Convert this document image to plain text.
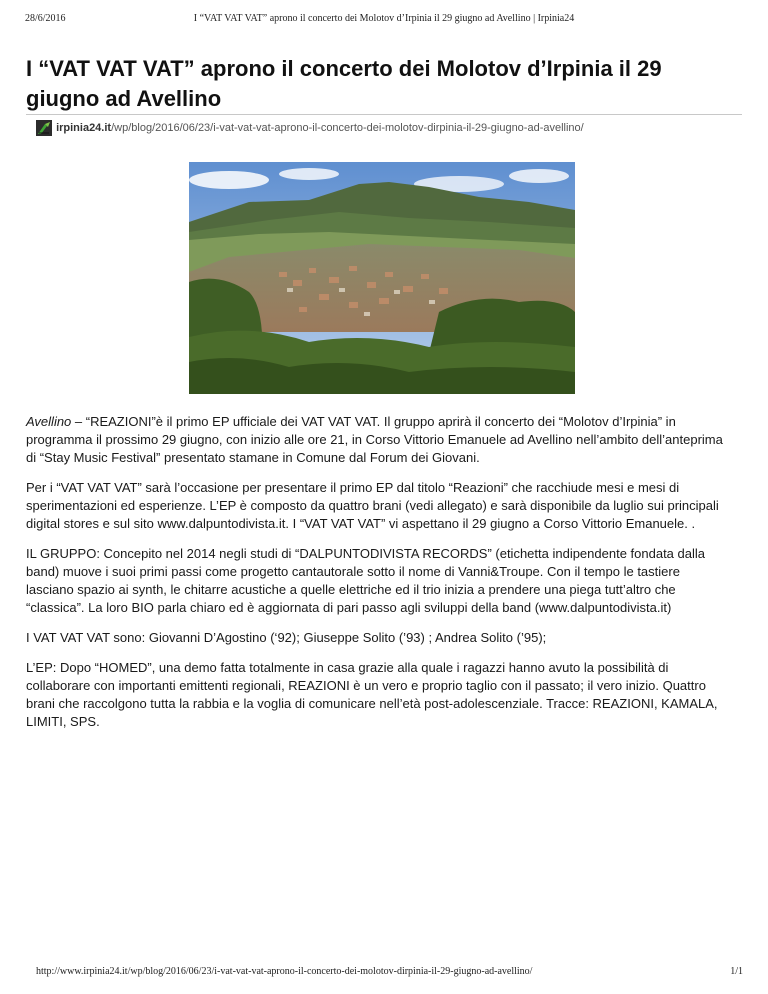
28/6/2016	I “VAT VAT VAT” aprono il concerto dei Molotov d’Irpinia il 29 giugno ad Avellino | Irpinia24
I “VAT VAT VAT” aprono il concerto dei Molotov d’Irpinia il 29 giugno ad Avellino
irpinia24.it/wp/blog/2016/06/23/i-vat-vat-vat-aprono-il-concerto-dei-molotov-dirpinia-il-29-giugno-ad-avellino/

Avellino – “REAZIONI”è il primo EP ufficiale dei VAT VAT VAT. Il gruppo aprirà il concerto dei “Molotov d’Irpinia” in programma il prossimo 29 giugno, con inizio alle ore 21, in Corso Vittorio Emanuele ad Avellino nell’ambito dell’anteprima di “Stay Music Festival” presentato stamane in Comune dal Forum dei Giovani.

Per i “VAT VAT VAT” sarà l’occasione per presentare il primo EP dal titolo “Reazioni” che racchiude mesi e mesi di sperimentazioni ed esperienze. L’EP è composto da quattro brani (vedi allegato) e sarà disponibile da luglio sui principali digital stores e sul sito www.dalpuntodivista.it. I “VAT VAT VAT” vi aspettano il 29 giugno a Corso Vittorio Emanuele. .

IL GRUPPO: Concepito nel 2014 negli studi di “DALPUNTODIVISTA RECORDS” (etichetta indipendente fondata dalla band) muove i suoi primi passi come progetto cantautorale sotto il nome di Vanni&Troupe. Con il tempo le tastiere lasciano spazio ai synth, le chitarre acustiche a quelle elettriche ed il trio inizia a prendere una piega tutt’altro che “classica”. La loro BIO parla chiaro ed è aggiornata di pari passo agli sviluppi della band (www.dalpuntodivista.it)

I VAT VAT VAT sono: Giovanni D’Agostino (‘92); Giuseppe Solito (’93) ; Andrea Solito (’95);

L’EP: Dopo “HOMED”, una demo fatta totalmente in casa grazie alla quale i ragazzi hanno avuto la possibilità di collaborare con importanti emittenti regionali, REAZIONI è un vero e proprio taglio con il passato; il vero inizio. Quattro brani che raccolgono tutta la rabbia e la voglia di comunicare nell’età post-adolescenziale. Tracce: REAZIONI, KAMALA, LIMITI, SPS.

http://www.irpinia24.it/wp/blog/2016/06/23/i-vat-vat-vat-aprono-il-concerto-dei-molotov-dirpinia-il-29-giugno-ad-avellino/	1/1
